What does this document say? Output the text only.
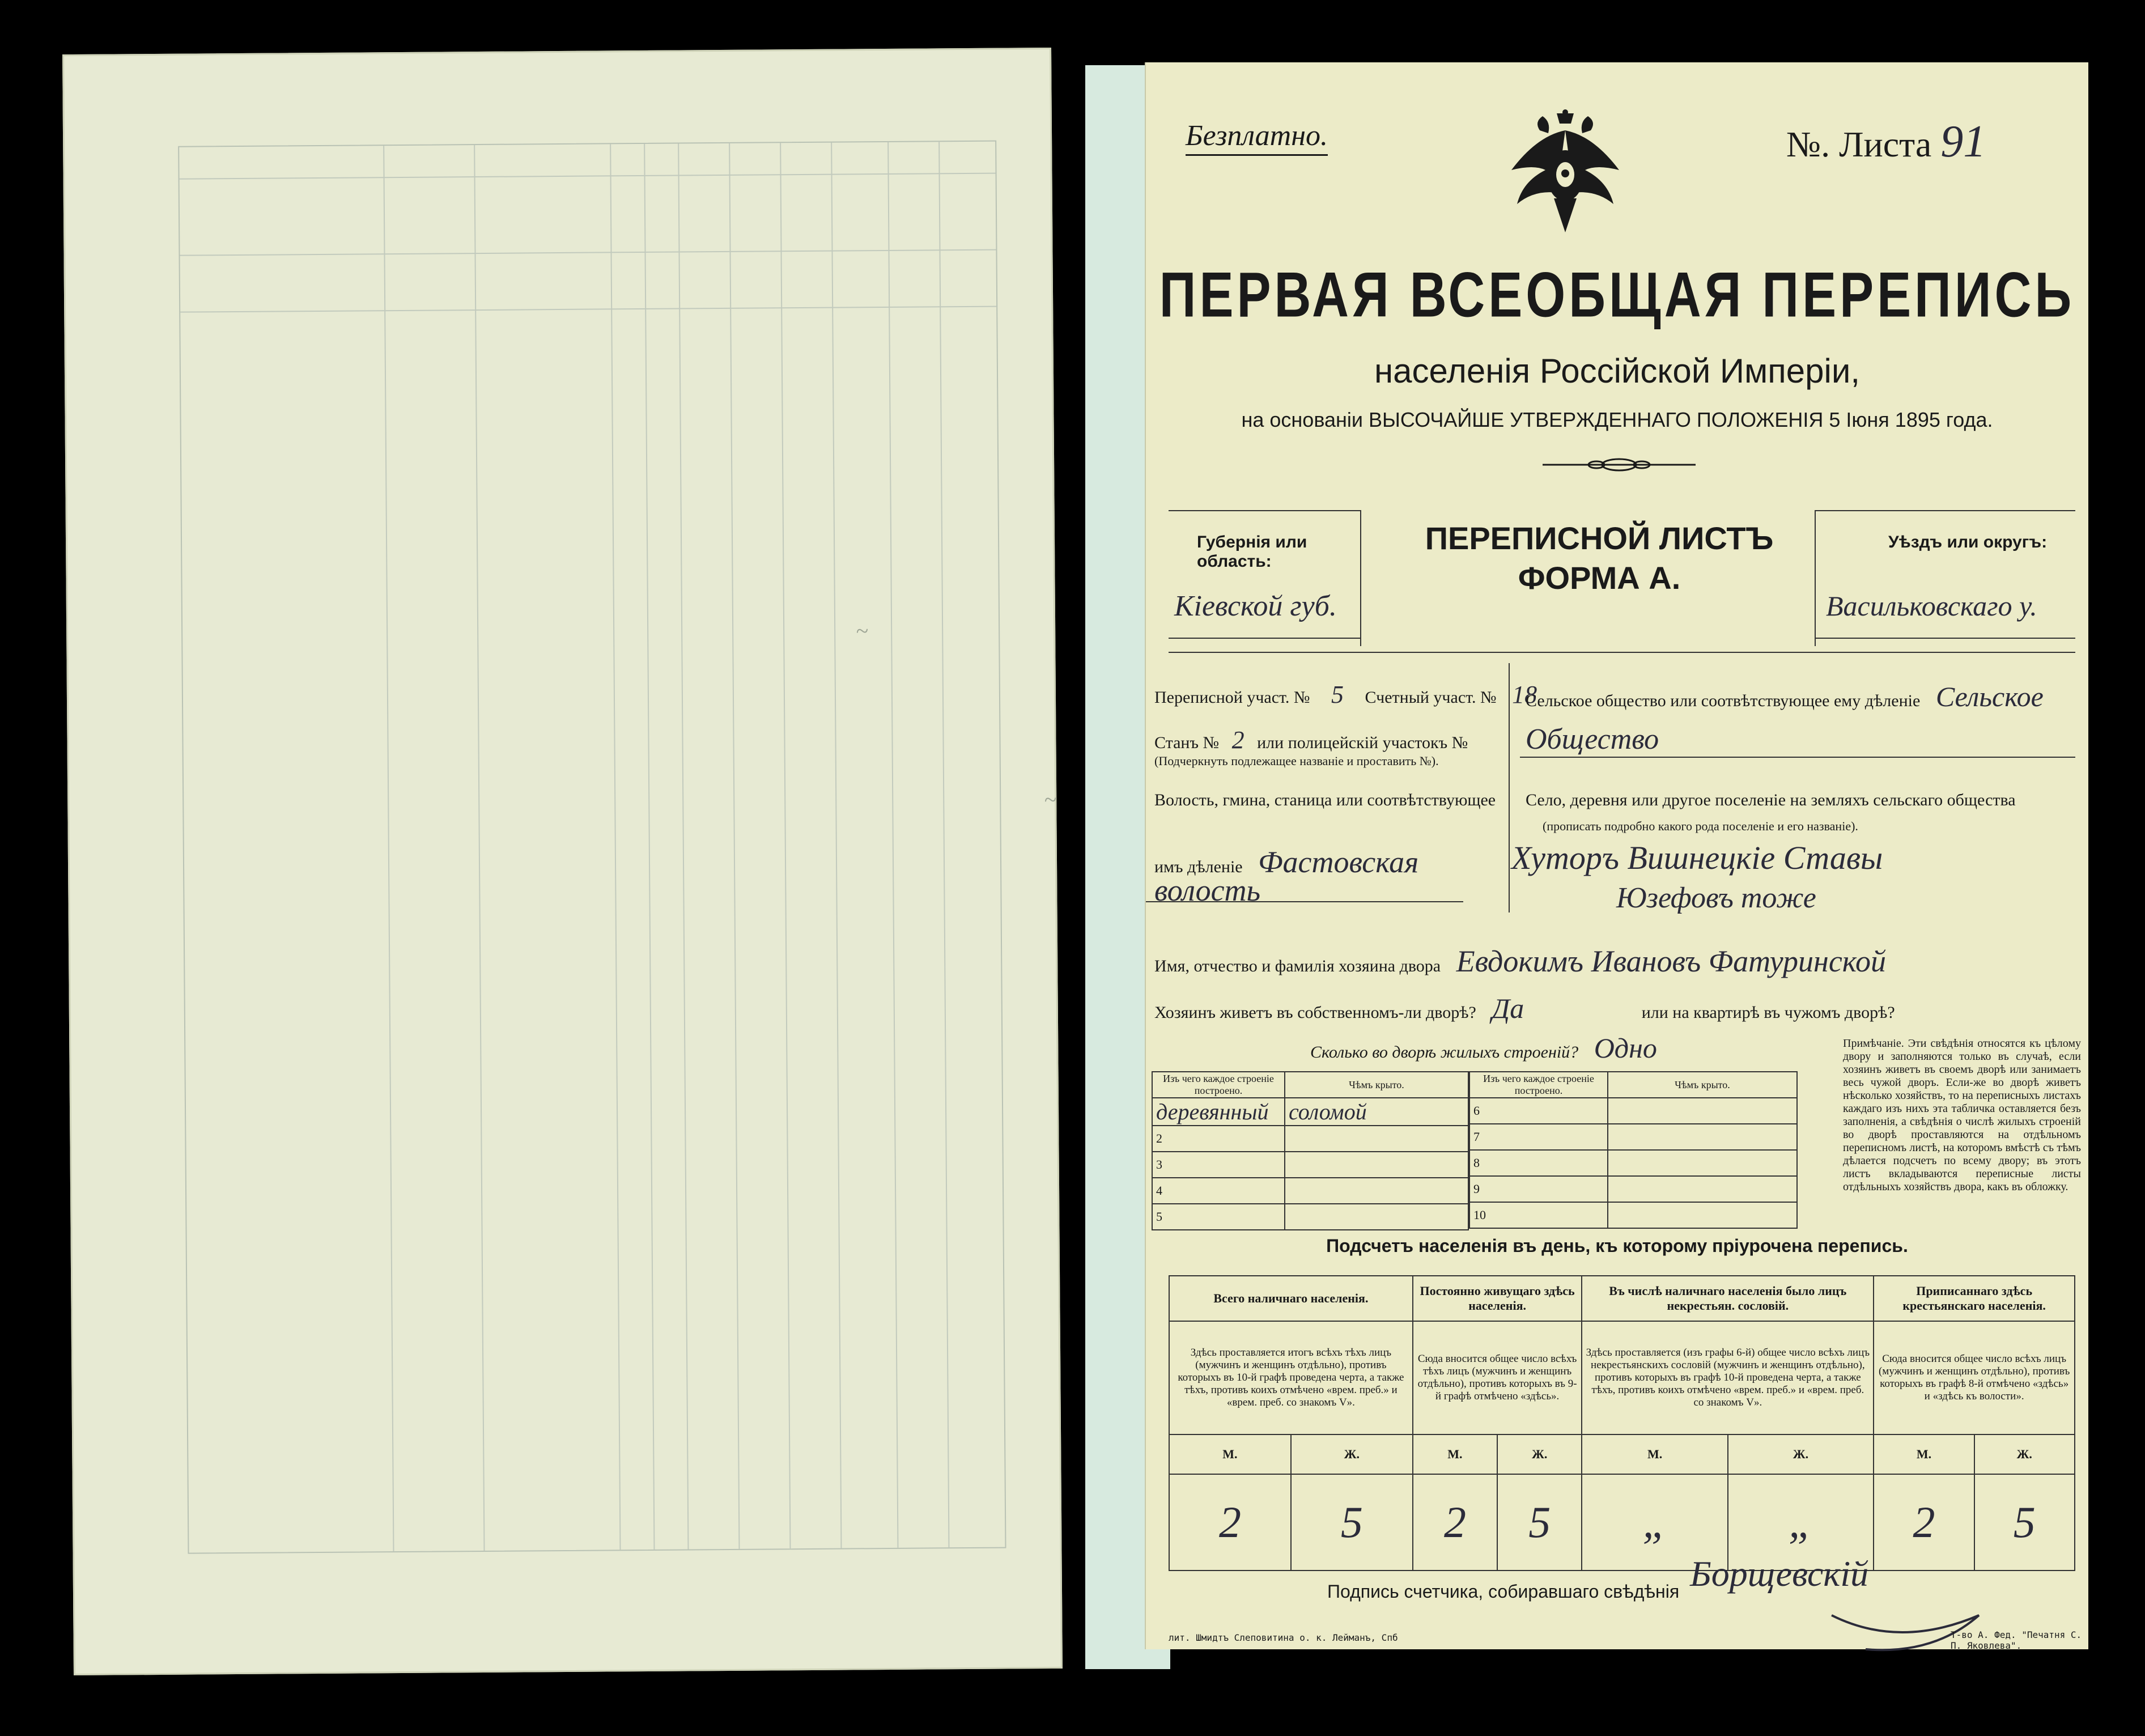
~
~
Безплатно.	№. Листа 91
ПЕРВАЯ ВСЕОБЩАЯ ПЕРЕПИСЬ
населенія Россійской Имперіи,
на основаніи ВЫСОЧАЙШЕ УТВЕРЖДЕННАГО ПОЛОЖЕНІЯ 5 Іюня 1895 года.
Губернія или область:
Кіевской губ.
ПЕРЕПИСНОЙ ЛИСТЪ
ФОРМА А.
Уѣздъ или округъ:
Васильковскаго у.
Переписной участ. № 5 Счетный участ. № 18
Станъ № 2 или полицейскій участокъ №
(Подчеркнуть подлежащее названіе и проставить №).
Волость, гмина, станица или соотвѣтствующее
имъ дѣленіе Фастовская
волость
Сельское общество или соотвѣтствующее ему дѣленіе Сельское
Общество
Село, деревня или другое поселеніе на земляхъ сельскаго общества
(прописать подробно какого рода поселеніе и его названіе).
Хуторъ Вишнецкіе Ставы
Юзефовъ тоже
Имя, отчество и фамилія хозяина двора Евдокимъ Ивановъ Фатуринской
Хозяинъ живетъ въ собственномъ-ли дворѣ? Да	или на квартирѣ въ чужомъ дворѣ?
Сколько во дворѣ жилыхъ строеній? Одно
Изъ чего каждое строеніе построено.	Чѣмъ крыто.
деревянный	соломой
2	
3	
4	
5	
Изъ чего каждое строеніе построено.	Чѣмъ крыто.
6	
7	
8	
9	
10	
Примѣчаніе. Эти свѣдѣнія относятся къ цѣлому двору и заполняются только въ случаѣ, если хозяинъ живетъ въ своемъ дворѣ или занимаетъ весь чужой дворъ. Если-же во дворѣ живетъ нѣсколько хозяйствъ, то на переписныхъ листахъ каждаго изъ нихъ эта табличка оставляется безъ заполненія, а свѣдѣнія о числѣ жилыхъ строеній во дворѣ проставляются на отдѣльномъ переписномъ листѣ, на которомъ вмѣстѣ съ тѣмъ дѣлается подсчетъ по всему двору; въ этотъ листъ вкладываются переписные листы отдѣльныхъ хозяйствъ двора, какъ въ обложку.
Подсчетъ населенія въ день, къ которому пріурочена перепись.
Всего наличнаго населенія.		Постоянно живущаго здѣсь населенія.		Въ числѣ наличнаго населенія было лицъ некрестьян. сословій.		Приписаннаго здѣсь крестьянскаго населенія.	
Здѣсь проставляется итогъ всѣхъ тѣхъ лицъ (мужчинъ и женщинъ отдѣльно), противъ которыхъ въ 10-й графѣ проведена черта, а также тѣхъ, противъ коихъ отмѣчено «врем. преб.» и «врем. преб. со знакомъ V».		Сюда вносится общее число всѣхъ тѣхъ лицъ (мужчинъ и женщинъ отдѣльно), противъ которыхъ въ 9-й графѣ отмѣчено «здѣсь».		Здѣсь проставляется (изъ графы 6-й) общее число всѣхъ лицъ некрестьянскихъ сословій (мужчинъ и женщинъ отдѣльно), противъ которыхъ въ графѣ 10-й проведена черта, а также тѣхъ, противъ коихъ отмѣчено «врем. преб.» и «врем. преб. со знакомъ V».		Сюда вносится общее число всѣхъ лицъ (мужчинъ и женщинъ отдѣльно), противъ которыхъ въ графѣ 8-й отмѣчено «здѣсь» и «здѣсь къ волости».	
М.	Ж.	М.	Ж.	М.	Ж.	М.	Ж.
2	5	2	5	„	„	2	5
Подпись счетчика, собиравшаго свѣдѣнія Борщевскій
лит. Шмидтъ Слеповитина о. к. Лейманъ, Спб	Т-во А. Фед. "Печатня С. П. Яковлева".
